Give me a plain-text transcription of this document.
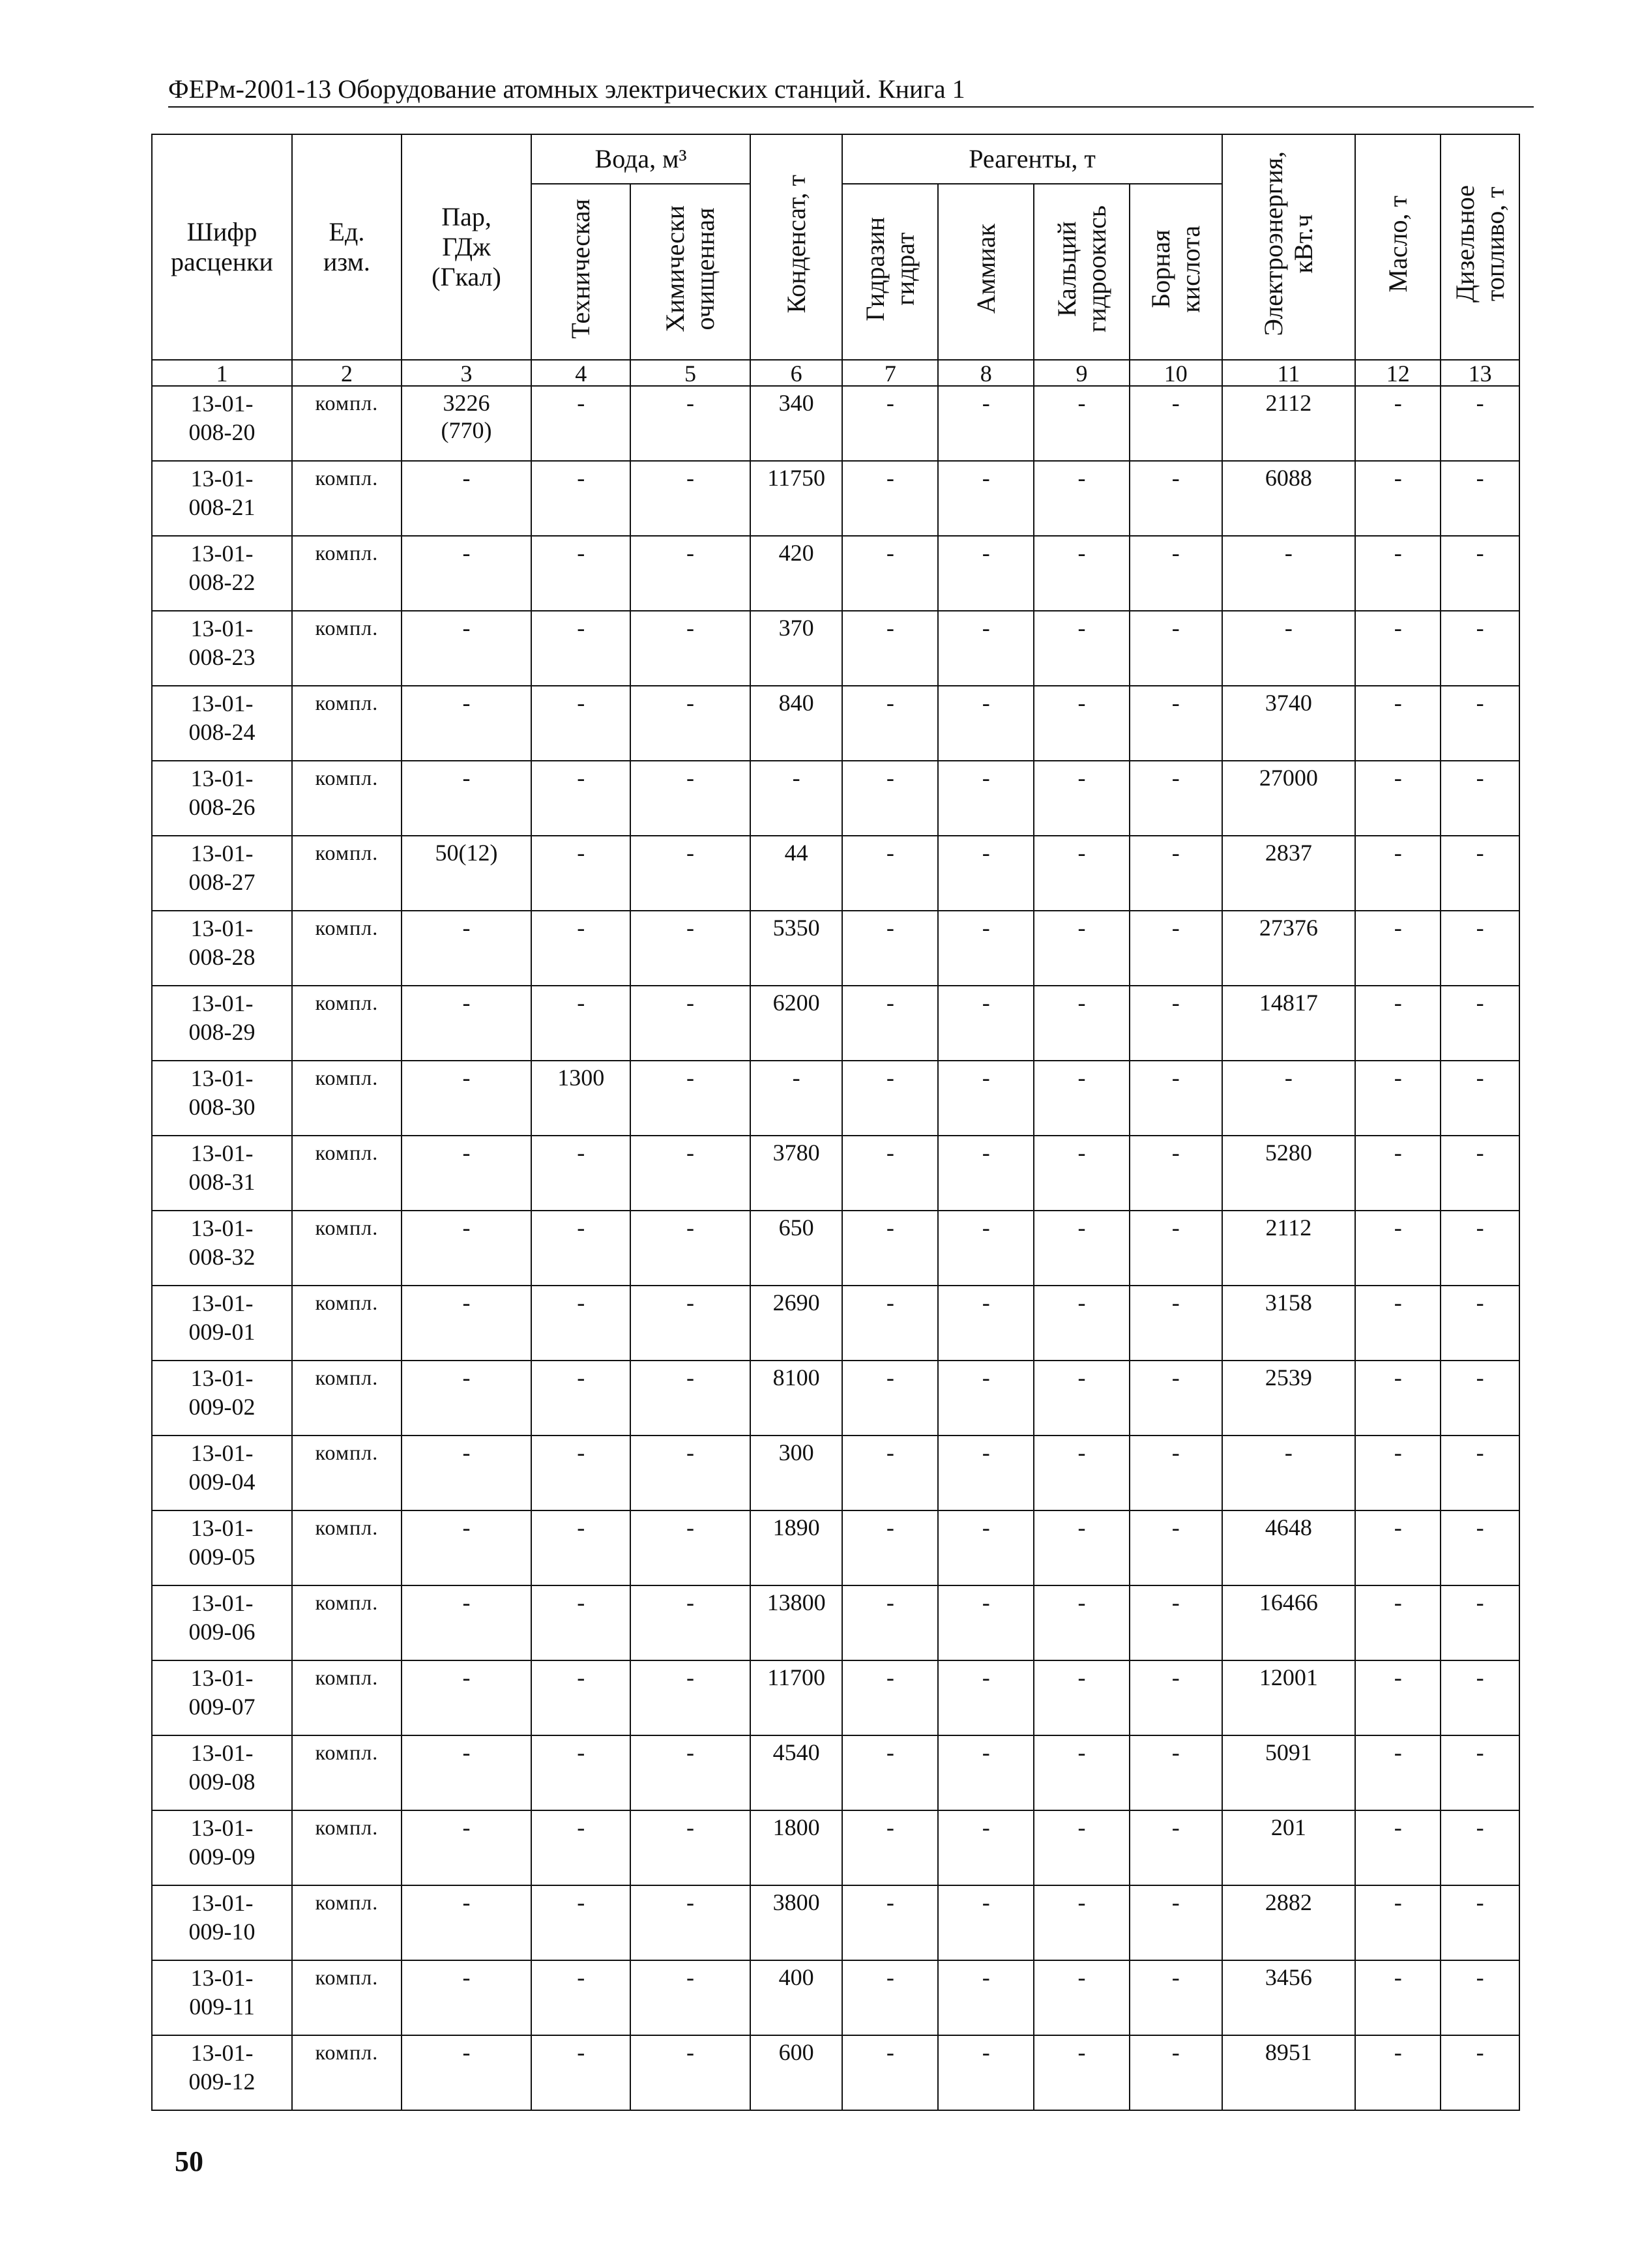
ФЕРм-2001-13 Оборудование атомных электрических станций. Книга 1
Шифр
расценки	Ед.
изм.	Пар,
ГДж
(Гкал)	Вода, м³		Конденсат, т	Реагенты, т				Электроэнергия,
кВт.ч	Масло, т	Дизельное
топливо, т
			Техническая	Химически
очищенная		Гидразин
гидрат	Аммиак	Кальций
гидроокись	Борная
кислота			
1	2	3	4	5	6	7	8	9	10	11	12	13
13-01-
008-20	компл.	3226
(770)	-	-	340	-	-	-	-	2112	-	-
13-01-
008-21	компл.	-	-	-	11750	-	-	-	-	6088	-	-
13-01-
008-22	компл.	-	-	-	420	-	-	-	-	-	-	-
13-01-
008-23	компл.	-	-	-	370	-	-	-	-	-	-	-
13-01-
008-24	компл.	-	-	-	840	-	-	-	-	3740	-	-
13-01-
008-26	компл.	-	-	-	-	-	-	-	-	27000	-	-
13-01-
008-27	компл.	50(12)	-	-	44	-	-	-	-	2837	-	-
13-01-
008-28	компл.	-	-	-	5350	-	-	-	-	27376	-	-
13-01-
008-29	компл.	-	-	-	6200	-	-	-	-	14817	-	-
13-01-
008-30	компл.	-	1300	-	-	-	-	-	-	-	-	-
13-01-
008-31	компл.	-	-	-	3780	-	-	-	-	5280	-	-
13-01-
008-32	компл.	-	-	-	650	-	-	-	-	2112	-	-
13-01-
009-01	компл.	-	-	-	2690	-	-	-	-	3158	-	-
13-01-
009-02	компл.	-	-	-	8100	-	-	-	-	2539	-	-
13-01-
009-04	компл.	-	-	-	300	-	-	-	-	-	-	-
13-01-
009-05	компл.	-	-	-	1890	-	-	-	-	4648	-	-
13-01-
009-06	компл.	-	-	-	13800	-	-	-	-	16466	-	-
13-01-
009-07	компл.	-	-	-	11700	-	-	-	-	12001	-	-
13-01-
009-08	компл.	-	-	-	4540	-	-	-	-	5091	-	-
13-01-
009-09	компл.	-	-	-	1800	-	-	-	-	201	-	-
13-01-
009-10	компл.	-	-	-	3800	-	-	-	-	2882	-	-
13-01-
009-11	компл.	-	-	-	400	-	-	-	-	3456	-	-
13-01-
009-12	компл.	-	-	-	600	-	-	-	-	8951	-	-
50
